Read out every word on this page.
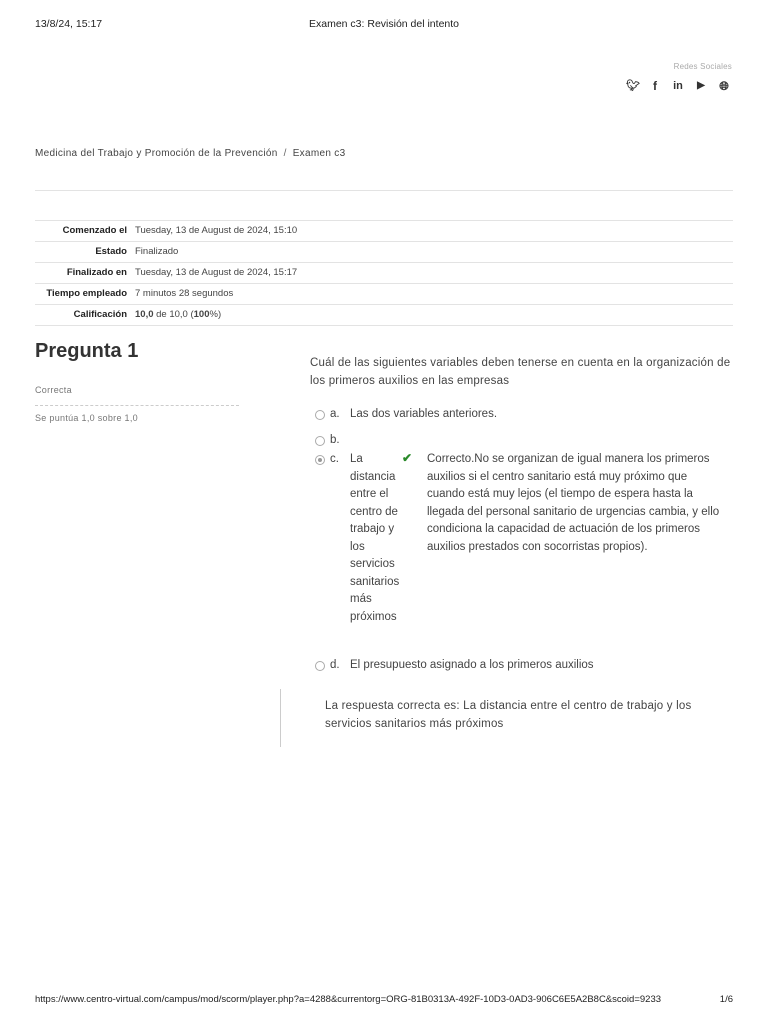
13/8/24, 15:17	Examen c3: Revisión del intento
Redes Sociales
🐦︎	f	in ▶ 🌐︎
Medicina del Trabajo y Promoción de la Prevención / Examen c3
Comenzado el	Tuesday, 13 de August de 2024, 15:10
Estado	Finalizado
Finalizado en	Tuesday, 13 de August de 2024, 15:17
Tiempo empleado	7 minutos 28 segundos
Calificación	10,0 de 10,0 (100%)
Pregunta 1
Correcta
Se puntúa 1,0 sobre 1,0
Cuál de las siguientes variables deben tenerse en cuenta en la organización de los primeros auxilios en las empresas
a. Las dos variables anteriores.
b.
c. La distancia entre el centro de trabajo y los servicios sanitarios más próximos
✔ Correcto.No se organizan de igual manera los primeros auxilios si el centro sanitario está muy próximo que cuando está muy lejos (el tiempo de espera hasta la llegada del personal sanitario de urgencias cambia, y ello condiciona la capacidad de actuación de los primeros auxilios prestados con socorristas propios).
d. El presupuesto asignado a los primeros auxilios

La respuesta correcta es: La distancia entre el centro de trabajo y los servicios sanitarios más próximos

https://www.centro-virtual.com/campus/mod/scorm/player.php?a=4288&currentorg=ORG-81B0313A-492F-10D3-0AD3-906C6E5A2B8C&scoid=9233	1/6
